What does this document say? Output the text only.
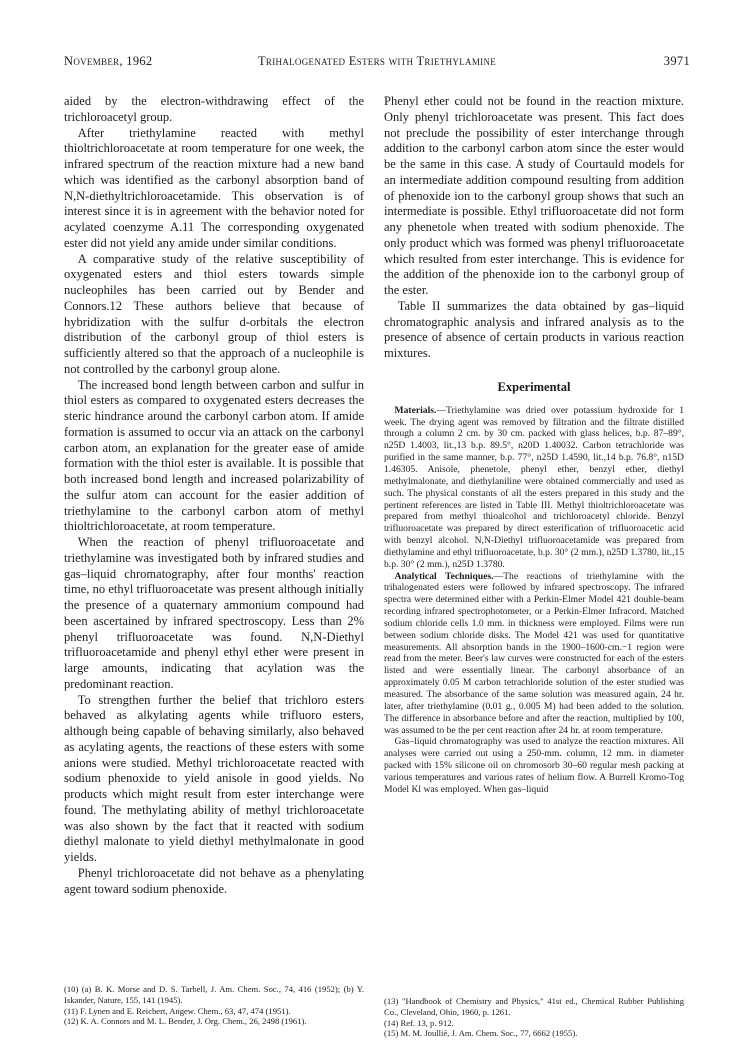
November, 1962	Trihalogenated Esters with Triethylamine	3971

aided by the electron-withdrawing effect of the trichloroacetyl group.

After triethylamine reacted with methyl thioltrichloroacetate at room temperature for one week, the infrared spectrum of the reaction mixture had a new band which was identified as the carbonyl absorption band of N,N-diethyltrichloroacetamide. This observation is of interest since it is in agreement with the behavior noted for acylated coenzyme A.11 The corresponding oxygenated ester did not yield any amide under similar conditions.

A comparative study of the relative susceptibility of oxygenated esters and thiol esters towards simple nucleophiles has been carried out by Bender and Connors.12 These authors believe that because of hybridization with the sulfur d-orbitals the electron distribution of the carbonyl group of thiol esters is sufficiently altered so that the approach of a nucleophile is not controlled by the carbonyl group alone.

The increased bond length between carbon and sulfur in thiol esters as compared to oxygenated esters decreases the steric hindrance around the carbonyl carbon atom. If amide formation is assumed to occur via an attack on the carbonyl carbon atom, an explanation for the greater ease of amide formation with the thiol ester is available. It is possible that both increased bond length and increased polarizability of the sulfur atom can account for the easier addition of triethylamine to the carbonyl carbon atom of methyl thioltrichloroacetate, at room temperature.

When the reaction of phenyl trifluoroacetate and triethylamine was investigated both by infrared studies and gas–liquid chromatography, after four months' reaction time, no ethyl trifluoroacetate was present although initially the presence of a quaternary ammonium compound had been ascertained by infrared spectroscopy. Less than 2% phenyl trifluoroacetate was found. N,N-Diethyl trifluoroacetamide and phenyl ethyl ether were present in large amounts, indicating that acylation was the predominant reaction.

To strengthen further the belief that trichloro esters behaved as alkylating agents while trifluoro esters, although being capable of behaving similarly, also behaved as acylating agents, the reactions of these esters with some anions were studied. Methyl trichloroacetate reacted with sodium phenoxide to yield anisole in good yields. No products which might result from ester interchange were found. The methylating ability of methyl trichloroacetate was also shown by the fact that it reacted with sodium diethyl malonate to yield diethyl methylmalonate in good yields.

Phenyl trichloroacetate did not behave as a phenylating agent toward sodium phenoxide.

Phenyl ether could not be found in the reaction mixture. Only phenyl trichloroacetate was present. This fact does not preclude the possibility of ester interchange through addition to the carbonyl carbon atom since the ester would be the same in this case. A study of Courtauld models for an intermediate addition compound resulting from addition of phenoxide ion to the carbonyl group shows that such an intermediate is possible. Ethyl trifluoroacetate did not form any phenetole when treated with sodium phenoxide. The only product which was formed was phenyl trifluoroacetate which resulted from ester interchange. This is evidence for the addition of the phenoxide ion to the carbonyl group of the ester.

Table II summarizes the data obtained by gas–liquid chromatographic analysis and infrared analysis as to the presence of absence of certain products in various reaction mixtures.

Experimental

Materials.—Triethylamine was dried over potassium hydroxide for 1 week. The drying agent was removed by filtration and the filtrate distilled through a column 2 cm. by 30 cm. packed with glass helices, b.p. 87–89°, n25D 1.4003, lit.,13 b.p. 89.5°, n20D 1.40032. Carbon tetrachloride was purified in the same manner, b.p. 77°, n25D 1.4590, lit.,14 b.p. 76.8°, n15D 1.46305. Anisole, phenetole, phenyl ether, benzyl ether, diethyl methylmalonate, and diethylaniline were obtained commercially and used as such. The physical constants of all the esters prepared in this study and the pertinent references are listed in Table III. Methyl thioltrichloroacetate was prepared from methyl thioalcohol and trichloroacetyl chloride. Benzyl trifluoroacetate was prepared by direct esterification of trifluoroacetic acid with benzyl alcohol. N,N-Diethyl trifluoroacetamide was prepared from diethylamine and ethyl trifluoroacetate, b.p. 30° (2 mm.), n25D 1.3780, lit.,15 b.p. 30° (2 mm.), n25D 1.3780.

Analytical Techniques.—The reactions of triethylamine with the trihalogenated esters were followed by infrared spectroscopy. The infrared spectra were determined either with a Perkin-Elmer Model 421 double-beam recording infrared spectrophotometer, or a Perkin-Elmer Infracord. Matched sodium chloride cells 1.0 mm. in thickness were employed. Films were run between sodium chloride disks. The Model 421 was used for quantitative measurements. All absorption bands in the 1900–1600-cm.−1 region were read from the meter. Beer's law curves were constructed for each of the esters listed and were essentially linear. The carbonyl absorbance of an approximately 0.05 M carbon tetrachloride solution of the ester studied was measured. The absorbance of the same solution was measured again, 24 hr. later, after triethylamine (0.01 g., 0.005 M) had been added to the solution. The difference in absorbance before and after the reaction, multiplied by 100, was assumed to be the per cent reaction after 24 hr. at room temperature.

Gas–liquid chromatography was used to analyze the reaction mixtures. All analyses were carried out using a 250-mm. column, 12 mm. in diameter packed with 15% silicone oil on chromosorb 30–60 regular mesh packing at various temperatures and various rates of helium flow. A Burrell Kromo-Tog Model Kl was employed. When gas–liquid

(10) (a) B. K. Morse and D. S. Tarbell, J. Am. Chem. Soc., 74, 416 (1952); (b) Y. Iskander, Nature, 155, 141 (1945).
(11) F. Lynen and E. Reichert, Angew. Chem., 63, 47, 474 (1951).
(12) K. A. Connors and M. L. Bender, J. Org. Chem., 26, 2498 (1961).
(13) "Handbook of Chemistry and Physics," 41st ed., Chemical Rubber Publishing Co., Cleveland, Ohio, 1960, p. 1261.
(14) Ref. 13, p. 912.
(15) M. M. Joullié, J. Am. Chem. Soc., 77, 6662 (1955).
